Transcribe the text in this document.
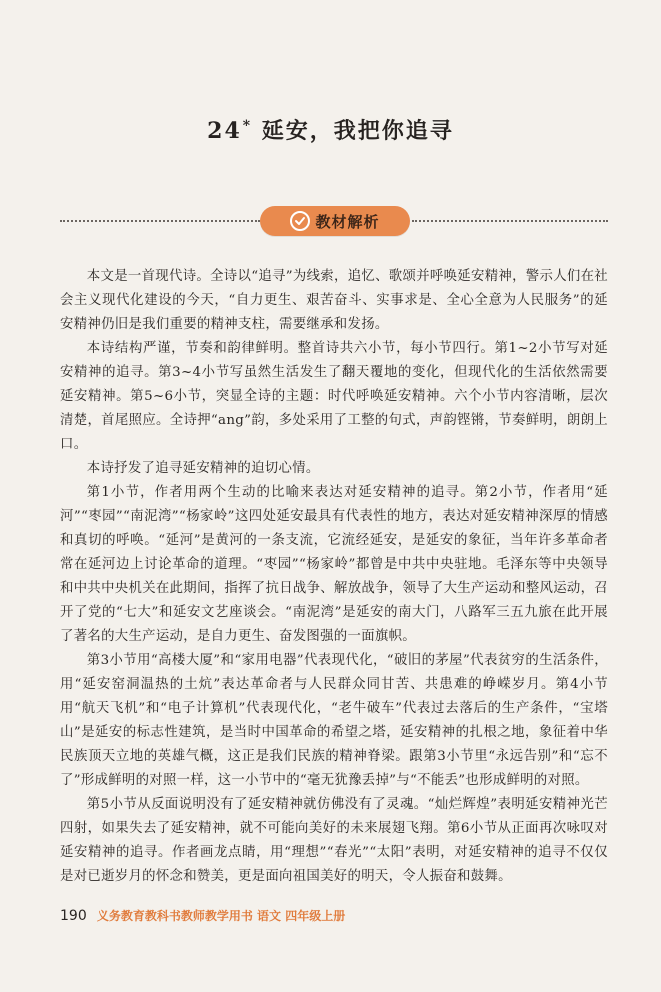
24* 延安，我把你追寻
教材解析

本文是一首现代诗。全诗以“追寻”为线索，追忆、歌颂并呼唤延安精神，警示人们在社会主义现代化建设的今天，“自力更生、艰苦奋斗、实事求是、全心全意为人民服务”的延安精神仍旧是我们重要的精神支柱，需要继承和发扬。

本诗结构严谨，节奏和韵律鲜明。整首诗共六小节，每小节四行。第1~2小节写对延安精神的追寻。第3~4小节写虽然生活发生了翻天覆地的变化，但现代化的生活依然需要延安精神。第5~6小节，突显全诗的主题：时代呼唤延安精神。六个小节内容清晰，层次清楚，首尾照应。全诗押“ang”韵，多处采用了工整的句式，声韵铿锵，节奏鲜明，朗朗上口。

本诗抒发了追寻延安精神的迫切心情。

第1小节，作者用两个生动的比喻来表达对延安精神的追寻。第2小节，作者用“延河”“枣园”“南泥湾”“杨家岭”这四处延安最具有代表性的地方，表达对延安精神深厚的情感和真切的呼唤。“延河”是黄河的一条支流，它流经延安，是延安的象征，当年许多革命者常在延河边上讨论革命的道理。“枣园”“杨家岭”都曾是中共中央驻地。毛泽东等中央领导和中共中央机关在此期间，指挥了抗日战争、解放战争，领导了大生产运动和整风运动，召开了党的“七大”和延安文艺座谈会。“南泥湾”是延安的南大门，八路军三五九旅在此开展了著名的大生产运动，是自力更生、奋发图强的一面旗帜。

第3小节用“高楼大厦”和“家用电器”代表现代化，“破旧的茅屋”代表贫穷的生活条件，用“延安窑洞温热的土炕”表达革命者与人民群众同甘苦、共患难的峥嵘岁月。第4小节用“航天飞机”和“电子计算机”代表现代化，“老牛破车”代表过去落后的生产条件，“宝塔山”是延安的标志性建筑，是当时中国革命的希望之塔，延安精神的扎根之地，象征着中华民族顶天立地的英雄气概，这正是我们民族的精神脊梁。跟第3小节里“永远告别”和“忘不了”形成鲜明的对照一样，这一小节中的“毫无犹豫丢掉”与“不能丢”也形成鲜明的对照。

第5小节从反面说明没有了延安精神就仿佛没有了灵魂。“灿烂辉煌”表明延安精神光芒四射，如果失去了延安精神，就不可能向美好的未来展翅飞翔。第6小节从正面再次咏叹对延安精神的追寻。作者画龙点睛，用“理想”“春光”“太阳”表明，对延安精神的追寻不仅仅是对已逝岁月的怀念和赞美，更是面向祖国美好的明天，令人振奋和鼓舞。

190 义务教育教科书教师教学用书 语文 四年级上册
